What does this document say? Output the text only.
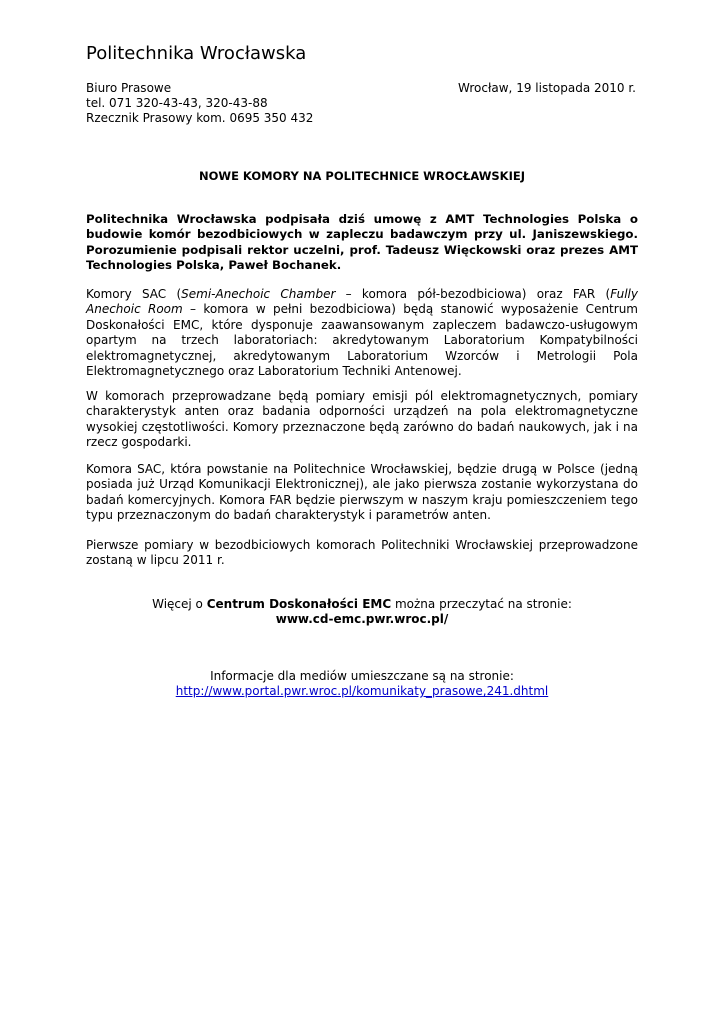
Politechnika Wrocławska
Biuro Prasowe
tel. 071 320-43-43, 320-43-88
Rzecznik Prasowy kom. 0695 350 432
Wrocław, 19 listopada 2010 r.
NOWE KOMORY NA POLITECHNICE WROCŁAWSKIEJ
Politechnika Wrocławska podpisała dziś umowę z AMT Technologies Polska o budowie komór bezodbiciowych w zapleczu badawczym przy ul. Janiszewskiego. Porozumienie podpisali rektor uczelni, prof. Tadeusz Więckowski oraz prezes AMT Technologies Polska, Paweł Bochanek.
Komory SAC (Semi-Anechoic Chamber – komora pół-bezodbiciowa) oraz FAR (Fully Anechoic Room – komora w pełni bezodbiciowa) będą stanowić wyposażenie Centrum Doskonałości EMC, które dysponuje zaawansowanym zapleczem badawczo-usługowym opartym na trzech laboratoriach: akredytowanym Laboratorium Kompatybilności elektromagnetycznej, akredytowanym Laboratorium Wzorców i Metrologii Pola Elektromagnetycznego oraz Laboratorium Techniki Antenowej.
W komorach przeprowadzane będą pomiary emisji pól elektromagnetycznych, pomiary charakterystyk anten oraz badania odporności urządzeń na pola elektromagnetyczne wysokiej częstotliwości. Komory przeznaczone będą zarówno do badań naukowych, jak i na rzecz gospodarki.
Komora SAC, która powstanie na Politechnice Wrocławskiej, będzie drugą w Polsce (jedną posiada już Urząd Komunikacji Elektronicznej), ale jako pierwsza zostanie wykorzystana do badań komercyjnych. Komora FAR będzie pierwszym w naszym kraju pomieszczeniem tego typu przeznaczonym do badań charakterystyk i parametrów anten.
Pierwsze pomiary w bezodbiciowych komorach Politechniki Wrocławskiej przeprowadzone zostaną w lipcu 2011 r.
Więcej o Centrum Doskonałości EMC można przeczytać na stronie:
www.cd-emc.pwr.wroc.pl/
Informacje dla mediów umieszczane są na stronie:
http://www.portal.pwr.wroc.pl/komunikaty_prasowe,241.dhtml
